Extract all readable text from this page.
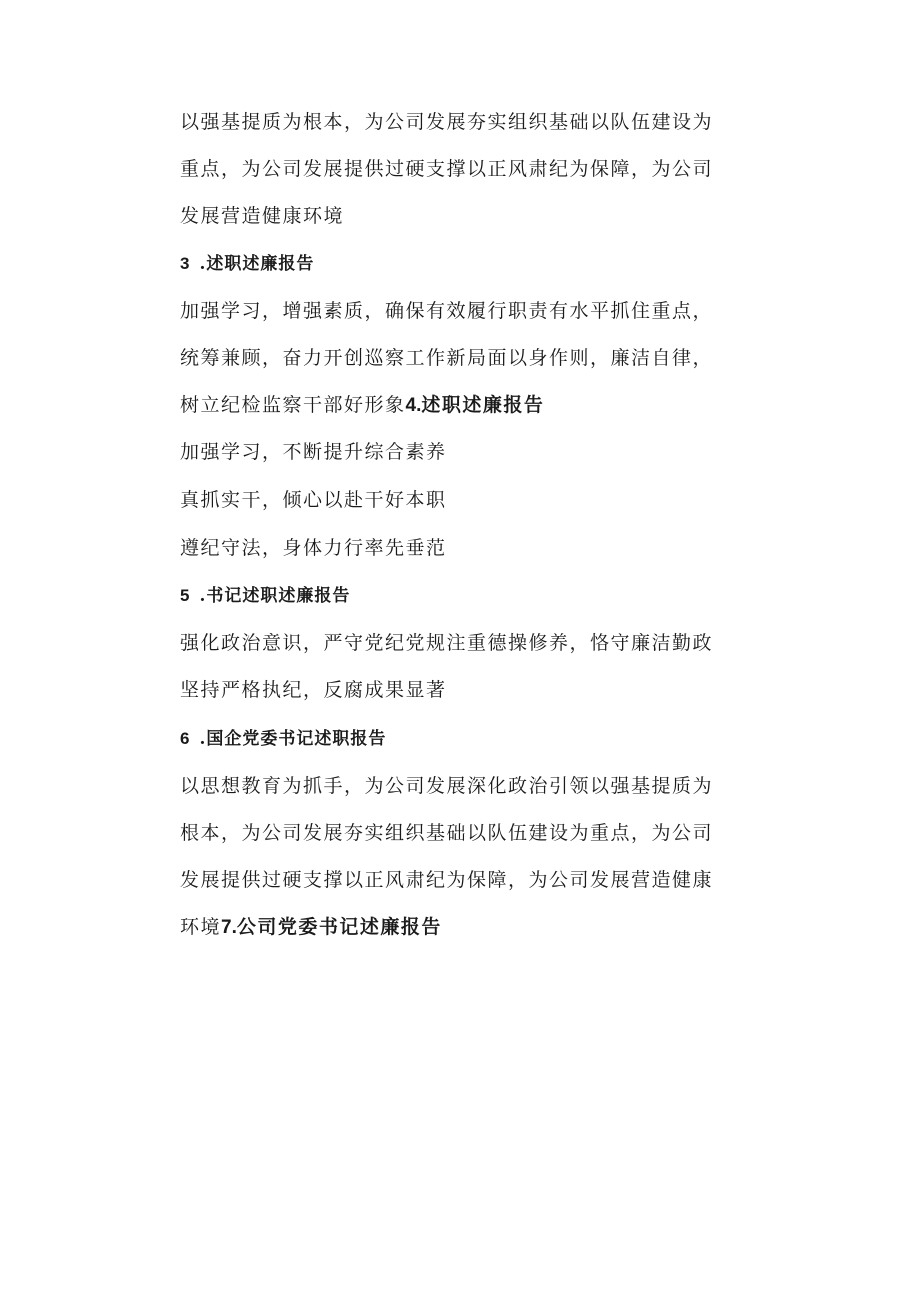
以强基提质为根本，为公司发展夯实组织基础以队伍建设为
重点，为公司发展提供过硬支撑以正风肃纪为保障，为公司
发展营造健康环境
3 .述职述廉报告
加强学习，增强素质，确保有效履行职责有水平抓住重点，
统筹兼顾，奋力开创巡察工作新局面以身作则，廉洁自律，
树立纪检监察干部好形象4.述职述廉报告
加强学习，不断提升综合素养
真抓实干，倾心以赴干好本职
遵纪守法，身体力行率先垂范
5 .书记述职述廉报告
强化政治意识，严守党纪党规注重德操修养，恪守廉洁勤政
坚持严格执纪，反腐成果显著
6 .国企党委书记述职报告
以思想教育为抓手，为公司发展深化政治引领以强基提质为
根本，为公司发展夯实组织基础以队伍建设为重点，为公司
发展提供过硬支撑以正风肃纪为保障，为公司发展营造健康
环境7.公司党委书记述廉报告
